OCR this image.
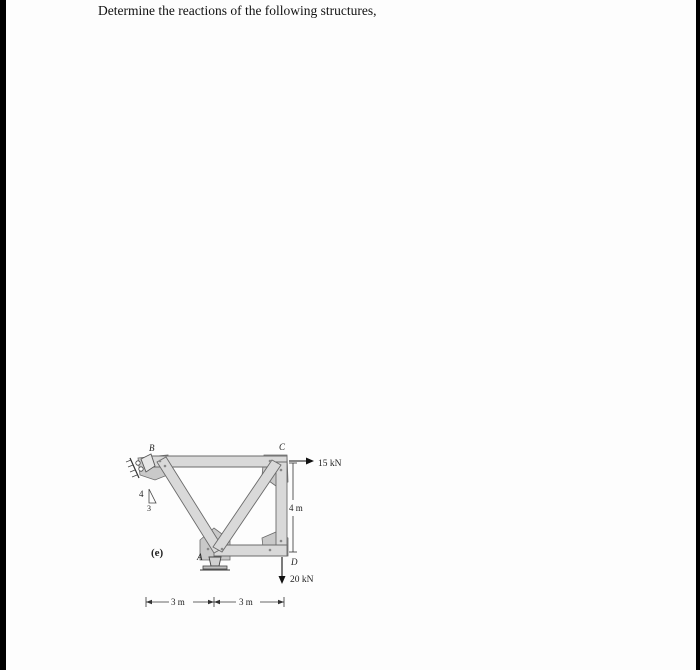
Determine the reactions of the following structures,

4
3
B	C
D
A
(e)
15 kN
4 m
20 kN
3 m	3 m
